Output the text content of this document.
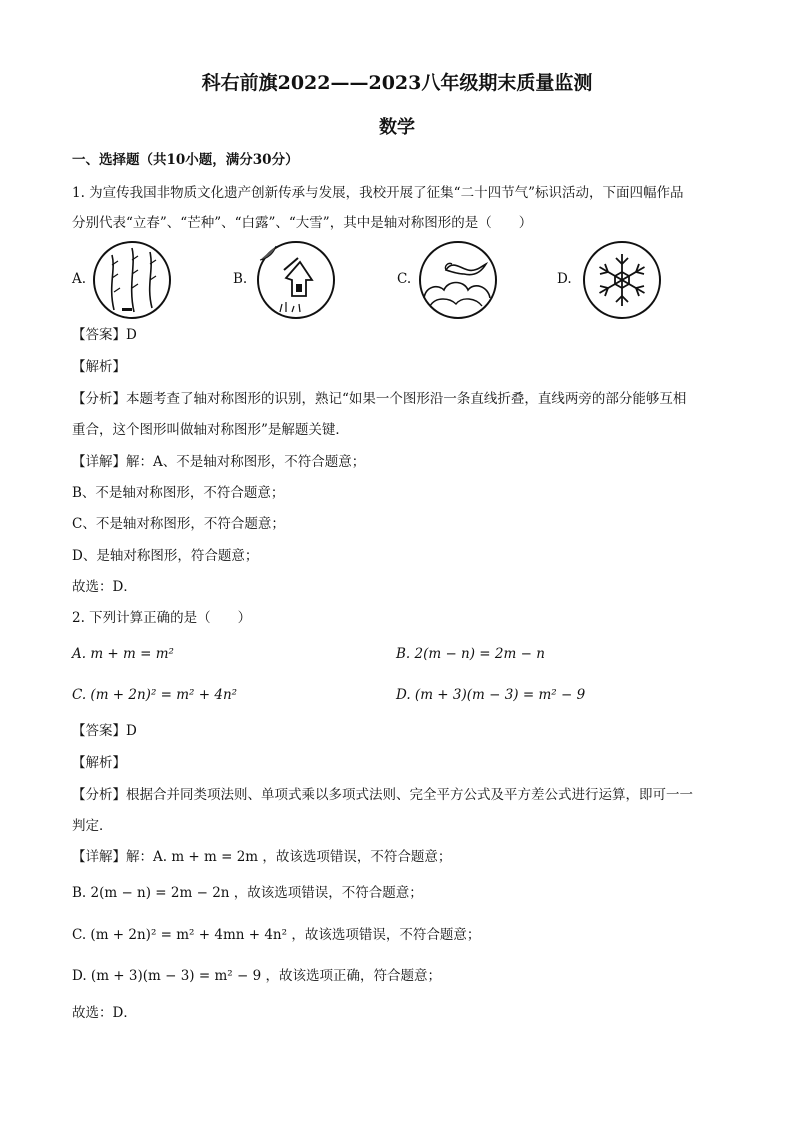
科右前旗2022——2023八年级期末质量监测
数学
一、选择题（共10小题，满分30分）
1. 为宣传我国非物质文化遗产创新传承与发展，我校开展了征集“二十四节气”标识活动，下面四幅作品
分别代表“立春”、“芒种”、“白露”、“大雪”，其中是轴对称图形的是（　　）
A.	B.	C.	D.
【答案】D
【解析】
【分析】本题考查了轴对称图形的识别，熟记“如果一个图形沿一条直线折叠，直线两旁的部分能够互相
重合，这个图形叫做轴对称图形”是解题关键．
【详解】解：A、不是轴对称图形，不符合题意；
B、不是轴对称图形，不符合题意；
C、不是轴对称图形，不符合题意；
D、是轴对称图形，符合题意；
故选：D．
2. 下列计算正确的是（　　）
A. m + m = m²	B. 2(m − n) = 2m − n
C. (m + 2n)² = m² + 4n²	D. (m + 3)(m − 3) = m² − 9
【答案】D
【解析】
【分析】根据合并同类项法则、单项式乘以多项式法则、完全平方公式及平方差公式进行运算，即可一一
判定．
【详解】解：A. m + m = 2m ，故该选项错误，不符合题意；
B. 2(m − n) = 2m − 2n ，故该选项错误，不符合题意；
C. (m + 2n)² = m² + 4mn + 4n² ，故该选项错误，不符合题意；
D. (m + 3)(m − 3) = m² − 9 ，故该选项正确，符合题意；
故选：D．
